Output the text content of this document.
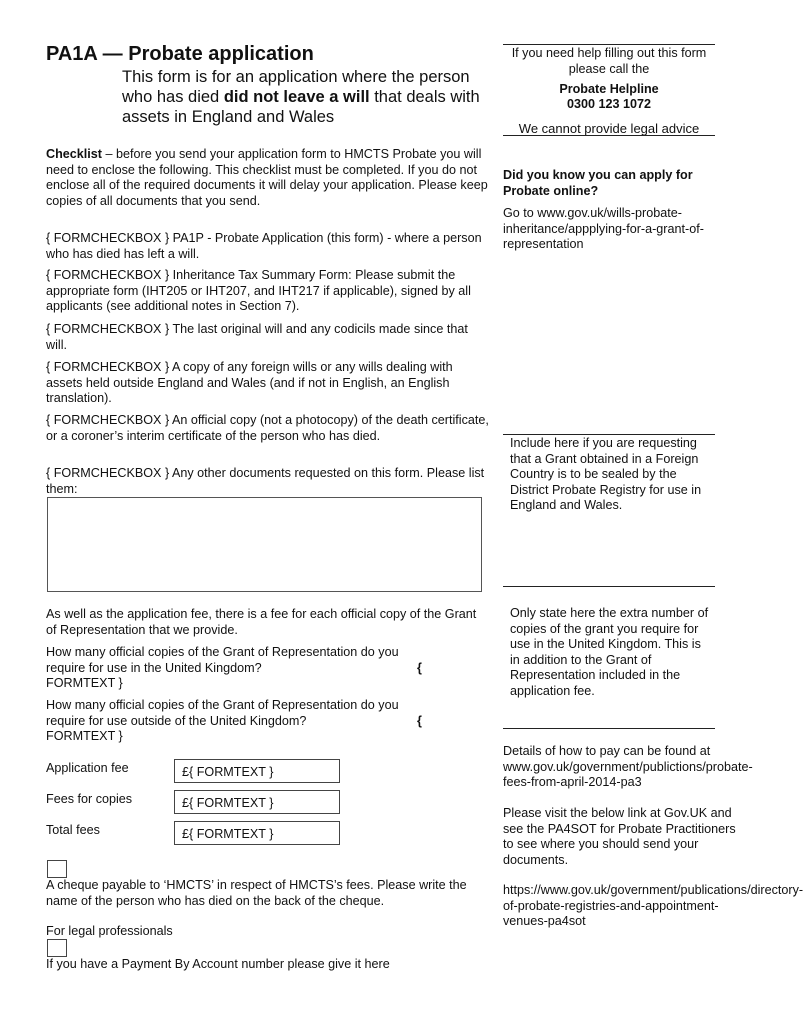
PA1A — Probate application
This form is for an application where the person who has died did not leave a will that deals with assets in England and Wales
If you need help filling out this form please call the
Probate Helpline
0300 123 1072
We cannot provide legal advice
Checklist – before you send your application form to HMCTS Probate you will need to enclose the following. This checklist must be completed. If you do not enclose all of the required documents it will delay your application. Please keep copies of all documents that you send.
{ FORMCHECKBOX } PA1P - Probate Application (this form) - where a person who has died has left a will.
{ FORMCHECKBOX } Inheritance Tax Summary Form: Please submit the appropriate form (IHT205 or IHT207, and IHT217 if applicable), signed by all applicants (see additional notes in Section 7).
{ FORMCHECKBOX } The last original will and any codicils made since that will.
{ FORMCHECKBOX } A copy of any foreign wills or any wills dealing with assets held outside England and Wales (and if not in English, an English translation).
{ FORMCHECKBOX } An official copy (not a photocopy) of the death certificate, or a coroner’s interim certificate of the person who has died.
{ FORMCHECKBOX } Any other documents requested on this form. Please list them:
Did you know you can apply for Probate online?
Go to www.gov.uk/wills-probate-inheritance/appplying-for-a-grant-of-representation
Include here if you are requesting that a Grant obtained in a Foreign Country is to be sealed by the District Probate Registry for use in England and Wales.
Only state here the extra number of copies of the grant you require for use in the United Kingdom. This is in addition to the Grant of Representation included in the application fee.
Details of how to pay can be found at www.gov.uk/government/publictions/probate-fees-from-april-2014-pa3
Please visit the below link at Gov.UK and see the PA4SOT for Probate Practitioners to see where you should send your documents.
https://www.gov.uk/government/publications/directory-of-probate-registries-and-appointment-venues-pa4sot
As well as the application fee, there is a fee for each official copy of the Grant of Representation that we provide.
How many official copies of the Grant of Representation do you require for use in the United Kingdom?	{
FORMTEXT }
How many official copies of the Grant of Representation do you require for use outside of the United Kingdom?	{
FORMTEXT }
Application fee	£{ FORMTEXT }
Fees for copies	£{ FORMTEXT }
Total fees	£{ FORMTEXT }
A cheque payable to ‘HMCTS’ in respect of HMCTS’s fees. Please write the name of the person who has died on the back of the cheque.
For legal professionals
If you have a Payment By Account number please give it here
